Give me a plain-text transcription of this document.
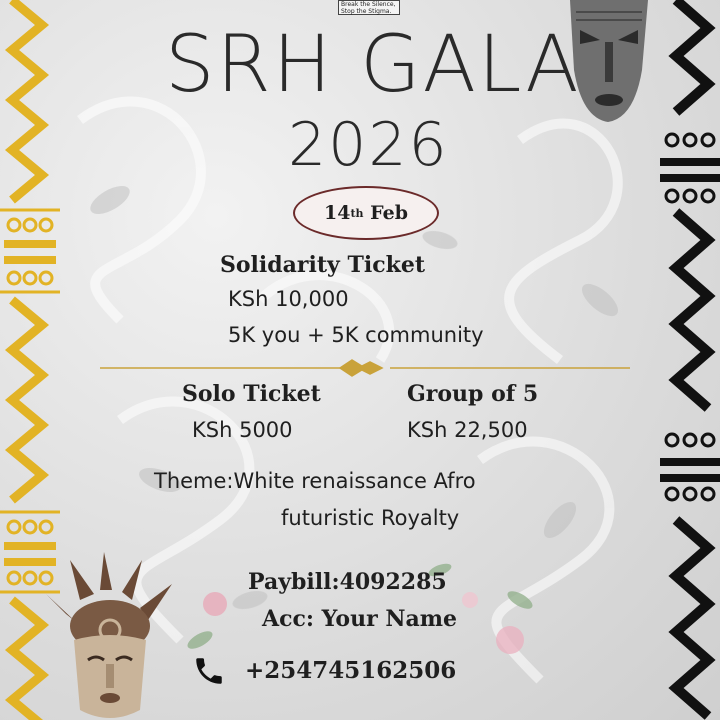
Break the Silence,
Stop the Stigma.
SRH GALA
2026
14 th
Feb
Solidarity Ticket
KSh 10,000
5K you + 5K community
Solo Ticket
KSh 5000
Group of 5
KSh 22,500
Theme:White renaissance Afro
futuristic Royalty
Paybill:4092285
Acc: Your Name
+254745162506
